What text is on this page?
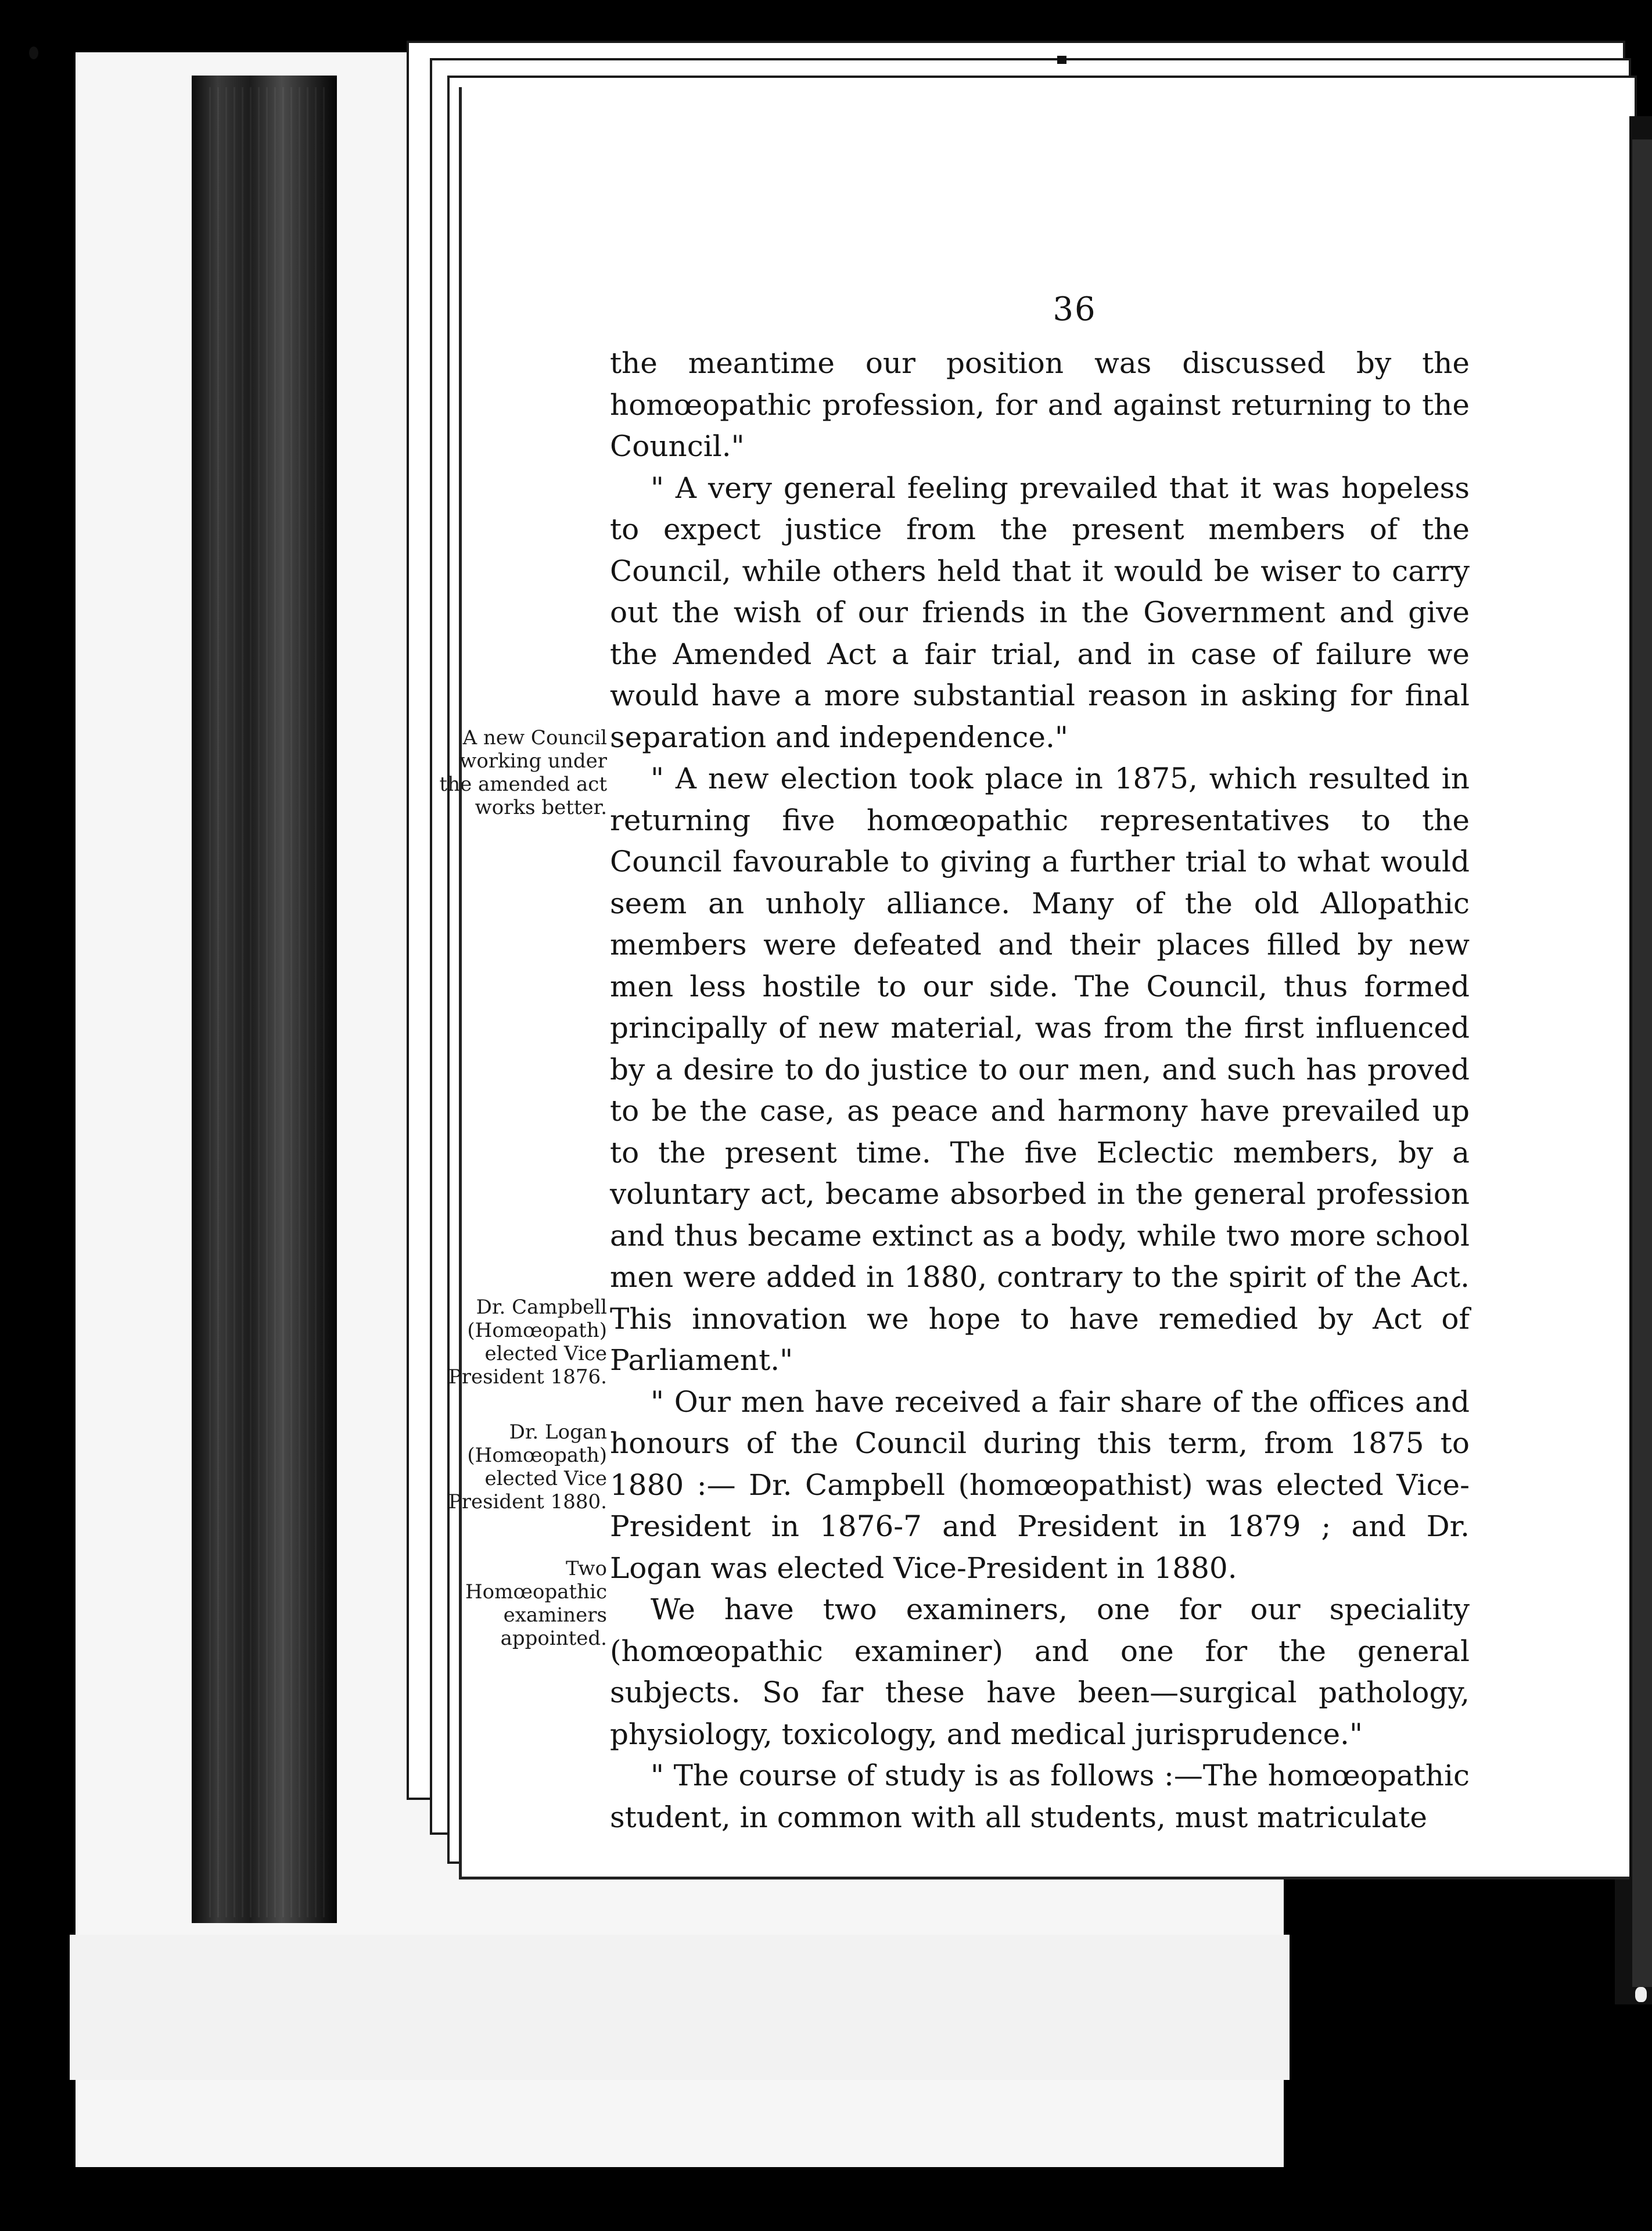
36

the meantime our position was discussed by the homœopathic profession, for and against returning to the Council."

" A very general feeling prevailed that it was hopeless to expect justice from the present members of the Council, while others held that it would be wiser to carry out the wish of our friends in the Government and give the Amended Act a fair trial, and in case of failure we would have a more substantial reason in asking for final separation and independence."

" A new election took place in 1875, which resulted in returning five homœopathic representatives to the Council favourable to giving a further trial to what would seem an unholy alliance. Many of the old Allopathic members were defeated and their places filled by new men less hostile to our side. The Council, thus formed principally of new material, was from the first influenced by a desire to do justice to our men, and such has proved to be the case, as peace and harmony have prevailed up to the present time. The five Eclectic members, by a voluntary act, became absorbed in the general profession and thus became extinct as a body, while two more school men were added in 1880, contrary to the spirit of the Act. This innovation we hope to have remedied by Act of Parliament."

" Our men have received a fair share of the offices and honours of the Council during this term, from 1875 to 1880 :— Dr. Campbell (homœopathist) was elected Vice-President in 1876-7 and President in 1879 ; and Dr. Logan was elected Vice-President in 1880.

We have two examiners, one for our speciality (homœopathic examiner) and one for the general subjects. So far these have been—surgical pathology, physiology, toxicology, and medical jurisprudence."

" The course of study is as follows :—The homœopathic student, in common with all students, must matriculate

A new Council working under the amended act works better.
Dr. Campbell (Homœopath) elected Vice President 1876.
Dr. Logan (Homœopath) elected Vice President 1880.
Two Homœopathic examiners appointed.
